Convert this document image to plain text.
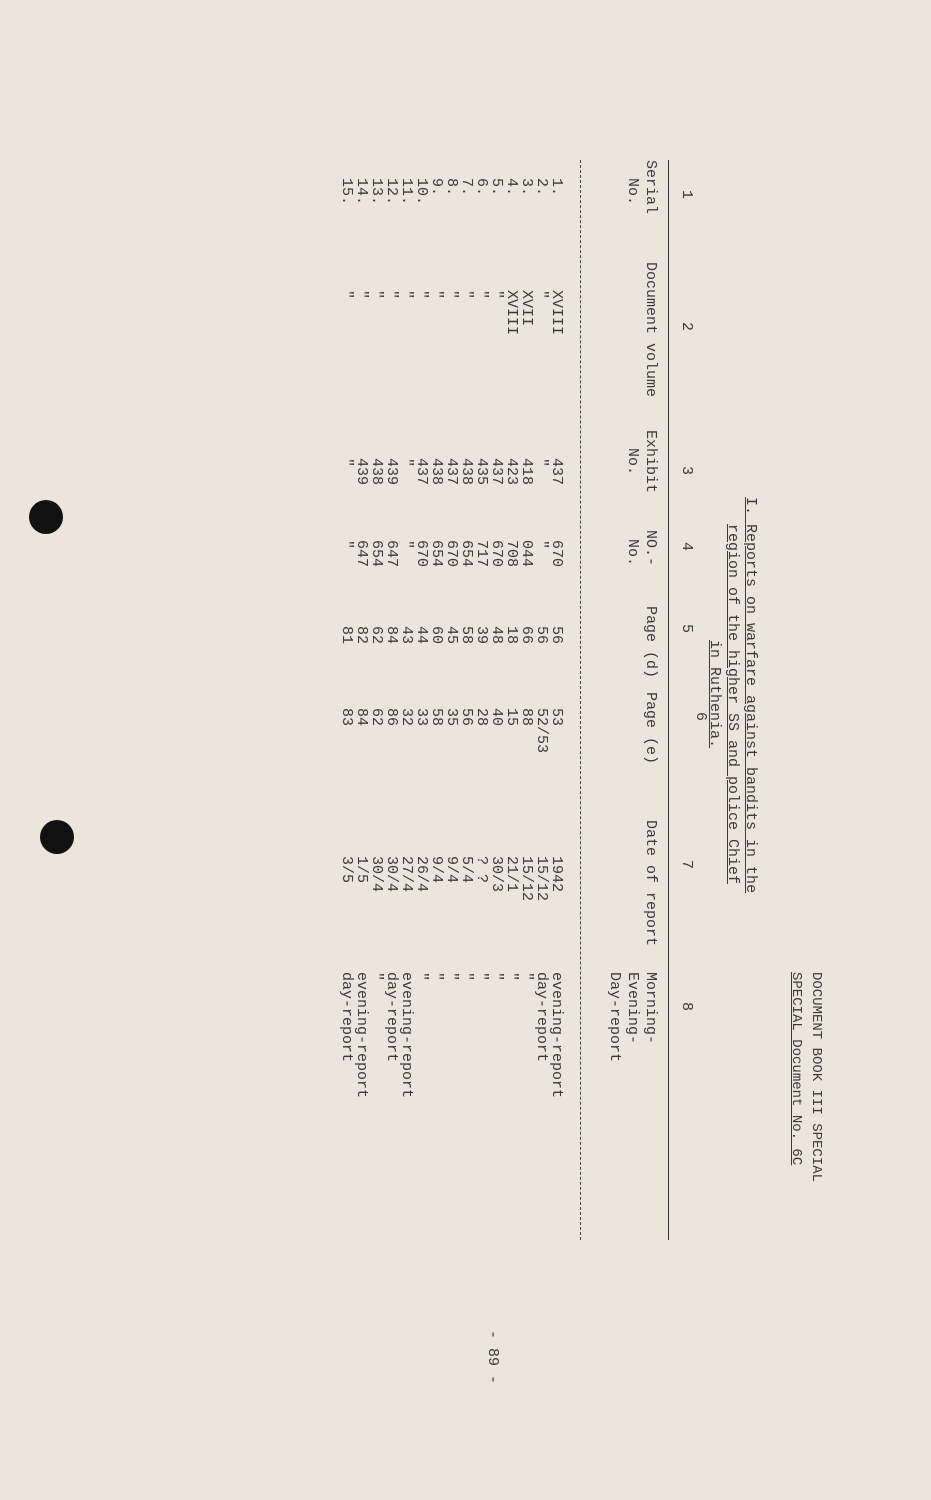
DOCUMENT BOOK III SPECIAL
SPECIAL Document No. 6C
I. Reports on warfare against bandits in the
region of the higher SS and police Chief
in Ruthenia.
1
2
3
4
5
6
7
8
Serial
No.
Document volume
Exhibit
No.
NO.-
No.
Page (d)
Page (e)
Date of report
Morning-
Evening-
Day-report
1.
XVIII
437
670
56
53
1942
evening-report
2.
"
"
"
56
52/53
15/12
day-report
3.
XVII
418
044
66
88
15/12
"
4.
XVIII
423
708
18
15
21/1
"
5.
"
437
670
48
40
30/3
"
6.
"
435
717
39
28
? ?
"
7.
"
438
654
58
56
5/4
"
8.
"
437
670
45
35
9/4
"
9.
"
438
654
60
58
9/4
"
10.
"
437
670
44
33
26/4
"
11.
"
"
"
43
32
27/4
evening-report
12.
"
439
647
84
86
30/4
day-report
13.
"
438
654
62
62
30/4
"
14.
"
439
647
82
84
1/5
evening-report
15.
"
"
"
81
83
3/5
day-report
- 89 -
